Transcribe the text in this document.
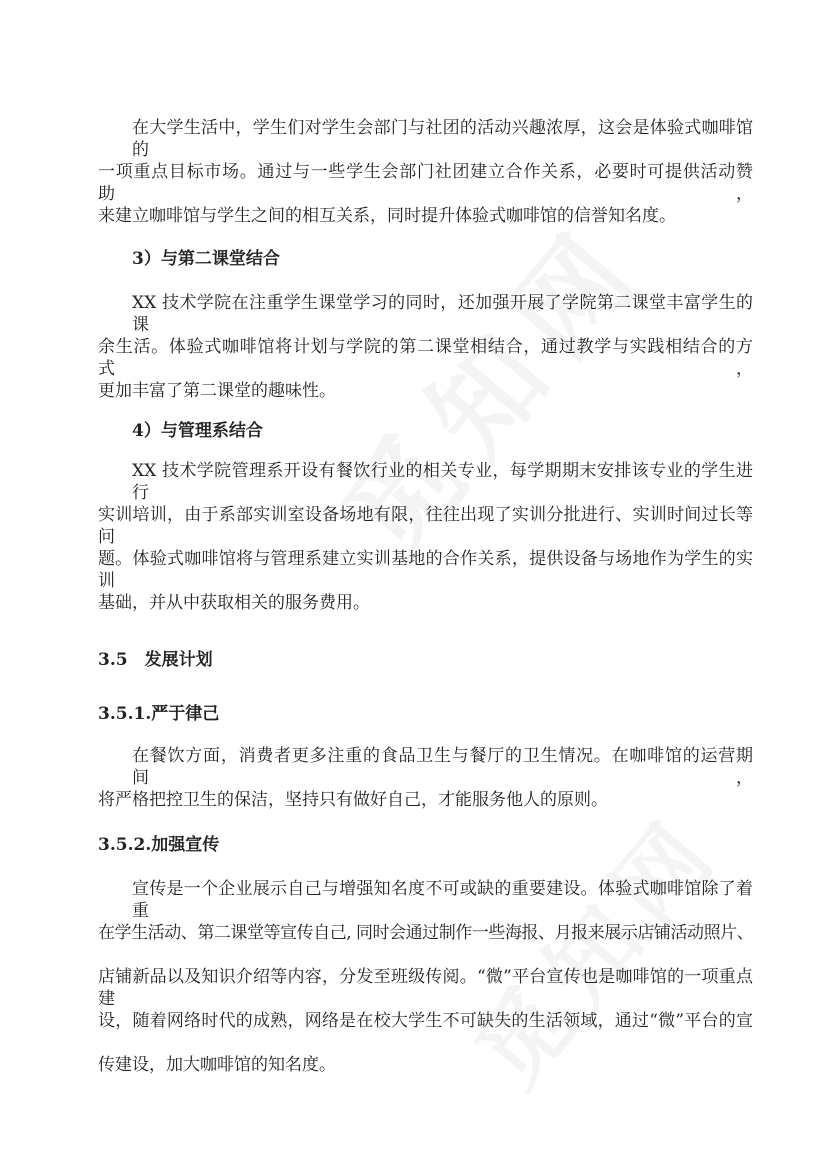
在大学生活中，学生们对学生会部门与社团的活动兴趣浓厚，这会是体验式咖啡馆的
一项重点目标市场。通过与一些学生会部门社团建立合作关系，必要时可提供活动赞助，
来建立咖啡馆与学生之间的相互关系，同时提升体验式咖啡馆的信誉知名度。
3）与第二课堂结合
XX 技术学院在注重学生课堂学习的同时，还加强开展了学院第二课堂丰富学生的课
余生活。体验式咖啡馆将计划与学院的第二课堂相结合，通过教学与实践相结合的方式，
更加丰富了第二课堂的趣味性。
4）与管理系结合
XX 技术学院管理系开设有餐饮行业的相关专业，每学期期末安排该专业的学生进行
实训培训，由于系部实训室设备场地有限，往往出现了实训分批进行、实训时间过长等问
题。体验式咖啡馆将与管理系建立实训基地的合作关系，提供设备与场地作为学生的实训
基础，并从中获取相关的服务费用。
3.5　发展计划
3.5.1.严于律己
在餐饮方面，消费者更多注重的食品卫生与餐厅的卫生情况。在咖啡馆的运营期间，
将严格把控卫生的保洁，坚持只有做好自己，才能服务他人的原则。
3.5.2.加强宣传
宣传是一个企业展示自己与增强知名度不可或缺的重要建设。体验式咖啡馆除了着重
在学生活动、第二课堂等宣传自己, 同时会通过制作一些海报、月报来展示店铺活动照片、
店铺新品以及知识介绍等内容，分发至班级传阅。“微”平台宣传也是咖啡馆的一项重点建
设，随着网络时代的成熟，网络是在校大学生不可缺失的生活领域，通过“微”平台的宣
传建设，加大咖啡馆的知名度。
